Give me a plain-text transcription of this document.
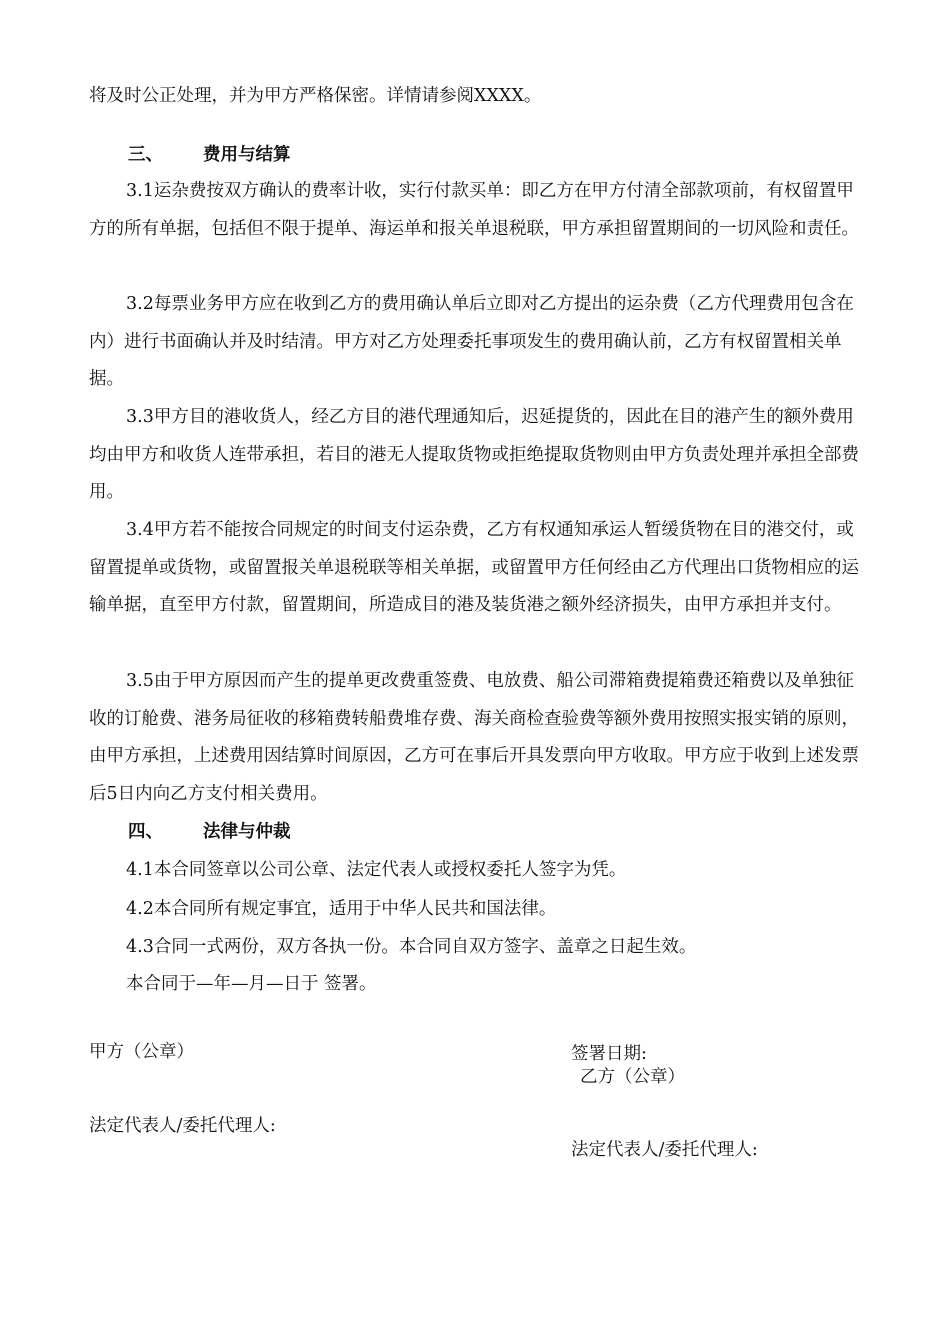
将及时公正处理，并为甲方严格保密。详情请参阅XXXX。

三、 费用与结算

3.1运杂费按双方确认的费率计收，实行付款买单：即乙方在甲方付清全部款项前，有权留置甲方的所有单据，包括但不限于提单、海运单和报关单退税联，甲方承担留置期间的一切风险和责任。

3.2每票业务甲方应在收到乙方的费用确认单后立即对乙方提出的运杂费（乙方代理费用包含在内）进行书面确认并及时结清。甲方对乙方处理委托事项发生的费用确认前，乙方有权留置相关单据。

3.3甲方目的港收货人，经乙方目的港代理通知后，迟延提货的，因此在目的港产生的额外费用均由甲方和收货人连带承担，若目的港无人提取货物或拒绝提取货物则由甲方负责处理并承担全部费用。

3.4甲方若不能按合同规定的时间支付运杂费，乙方有权通知承运人暂缓货物在目的港交付，或留置提单或货物，或留置报关单退税联等相关单据，或留置甲方任何经由乙方代理出口货物相应的运输单据，直至甲方付款，留置期间，所造成目的港及装货港之额外经济损失，由甲方承担并支付。

3.5由于甲方原因而产生的提单更改费重签费、电放费、船公司滞箱费提箱费还箱费以及单独征收的订舱费、港务局征收的移箱费转船费堆存费、海关商检查验费等额外费用按照实报实销的原则，由甲方承担，上述费用因结算时间原因，乙方可在事后开具发票向甲方收取。甲方应于收到上述发票后5日内向乙方支付相关费用。

四、 法律与仲裁

4.1本合同签章以公司公章、法定代表人或授权委托人签字为凭。

4.2本合同所有规定事宜，适用于中华人民共和国法律。

4.3合同一式两份，双方各执一份。本合同自双方签字、盖章之日起生效。

本合同于—年—月—日于 签署。

甲方（公章）	签署日期:

乙方（公章）

法定代表人/委托代理人:

法定代表人/委托代理人:
